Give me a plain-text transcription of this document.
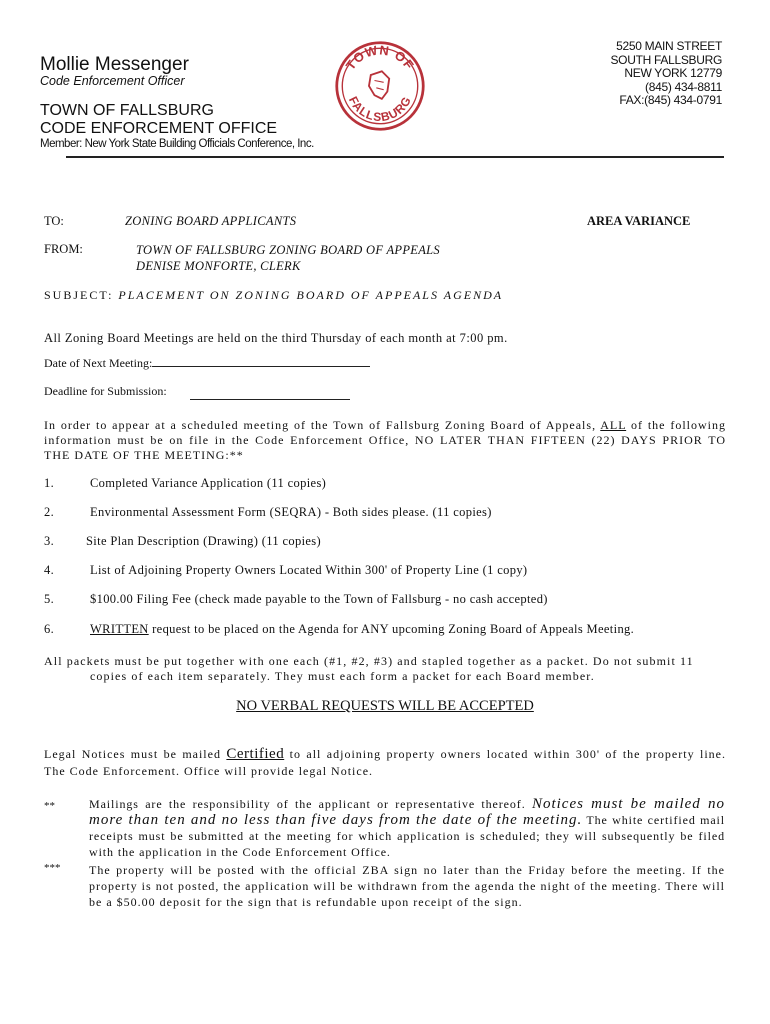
Mollie Messenger
Code Enforcement Officer
TOWN OF FALLSBURG
CODE ENFORCEMENT OFFICE
Member: New York State Building Officials Conference, Inc.
TOWN OF
FALLSBURG
5250 MAIN STREET
SOUTH FALLSBURG
NEW YORK 12779
(845) 434-8811
FAX:(845) 434-0791
TO:	ZONING BOARD APPLICANTS	AREA VARIANCE
FROM:	TOWN OF FALLSBURG ZONING BOARD OF APPEALS
DENISE MONFORTE, CLERK
SUBJECT: PLACEMENT ON ZONING BOARD OF APPEALS AGENDA
All Zoning Board Meetings are held on the third Thursday of each month at 7:00 pm.
Date of Next Meeting:
Deadline for Submission:
In order to appear at a scheduled meeting of the Town of Fallsburg Zoning Board of Appeals, ALL of the following information must be on file in the Code Enforcement Office, NO LATER THAN FIFTEEN (22) DAYS PRIOR TO THE DATE OF THE MEETING:**
1.	Completed Variance Application (11 copies)
2.	Environmental Assessment Form (SEQRA) - Both sides please. (11 copies)
3.	Site Plan Description (Drawing) (11 copies)
4.	List of Adjoining Property Owners Located Within 300' of Property Line (1 copy)
5.	$100.00 Filing Fee (check made payable to the Town of Fallsburg - no cash accepted)
6.	WRITTEN request to be placed on the Agenda for ANY upcoming Zoning Board of Appeals Meeting.
All packets must be put together with one each (#1, #2, #3) and stapled together as a packet. Do not submit 11
copies of each item separately. They must each form a packet for each Board member.
NO VERBAL REQUESTS WILL BE ACCEPTED
Legal Notices must be mailed Certified to all adjoining property owners located within 300' of the property line. The Code Enforcement. Office will provide legal Notice.
**	Mailings are the responsibility of the applicant or representative thereof. Notices must be mailed no more than ten and no less than five days from the date of the meeting. The white certified mail receipts must be submitted at the meeting for which application is scheduled; they will subsequently be filed with the application in the Code Enforcement Office.
*** The property will be posted with the official ZBA sign no later than the Friday before the meeting. If the property is not posted, the application will be withdrawn from the agenda the night of the meeting. There will be a $50.00 deposit for the sign that is refundable upon receipt of the sign.
